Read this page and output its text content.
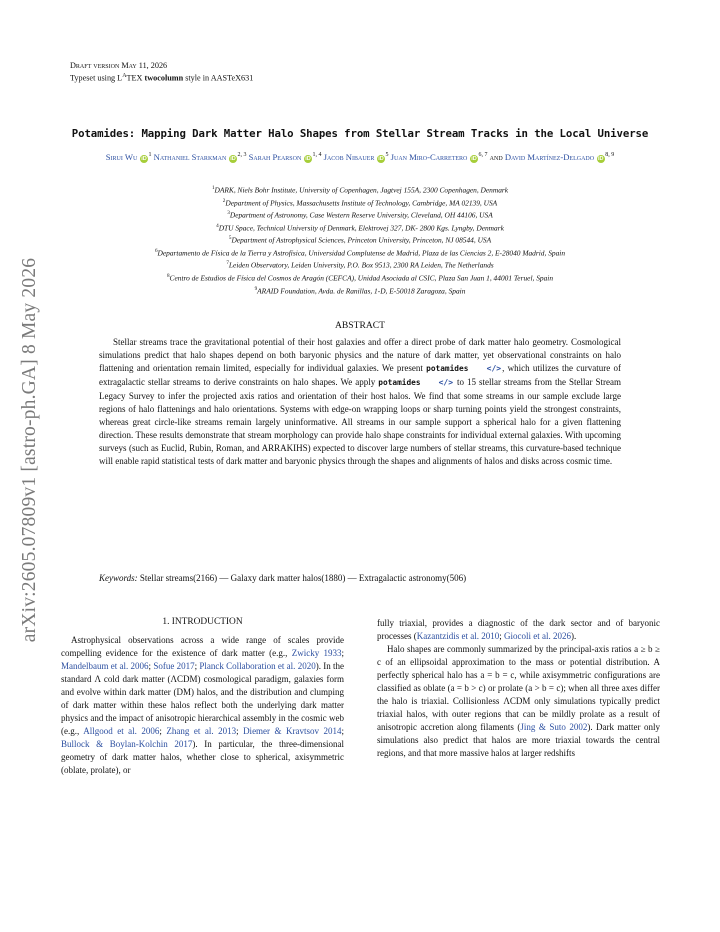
arXiv:2605.07809v1 [astro-ph.GA] 8 May 2026
Draft version May 11, 2026
Typeset using $L^ATEX$ twocolumn style in AASTeX631
Potamides: Mapping Dark Matter Halo Shapes from Stellar Stream Tracks in the Local Universe
Sirui Wu $iD^1$ Nathaniel Starkman iD$^{2, 3}$ Sarah Pearson iD$^{1, 4}$ Jacob Nibauer $iD^5$ Juan Miro-Carretero iD$^{6, 7}$ and David Martínez-Delgado iD$^{8, 9}$
$^1$DARK, Niels Bohr Institute, University of Copenhagen, Jagtvej 155A, 2300 Copenhagen, Denmark
$^2$Department of Physics, Massachusetts Institute of Technology, Cambridge, MA 02139, USA
$^3$Department of Astronomy, Case Western Reserve University, Cleveland, OH 44106, USA
$^4$DTU Space, Technical University of Denmark, Elektrovej 327, DK- 2800 Kgs. Lyngby, Denmark
$^5$Department of Astrophysical Sciences, Princeton University, Princeton, NJ 08544, USA
$^6$Departamento de Física de la Tierra y Astrofísica, Universidad Complutense de Madrid, Plaza de las Ciencias 2, E-28040 Madrid, Spain
$^7$Leiden Observatory, Leiden University, P.O. Box 9513, 2300 RA Leiden, The Netherlands
$^8$Centro de Estudios de Física del Cosmos de Aragón (CEFCA), Unidad Asociada al CSIC, Plaza San Juan 1, 44001 Teruel, Spain
$^9$ARAID Foundation, Avda. de Ranillas, 1-D, E-50018 Zaragoza, Spain
ABSTRACT
Stellar streams trace the gravitational potential of their host galaxies and offer a direct probe of dark matter halo geometry. Cosmological simulations predict that halo shapes depend on both baryonic physics and the nature of dark matter, yet observational constraints on halo flattening and orientation remain limited, especially for individual galaxies. We present potamides </>, which utilizes the curvature of extragalactic stellar streams to derive constraints on halo shapes. We apply potamides </> to 15 stellar streams from the Stellar Stream Legacy Survey to infer the projected axis ratios and orientation of their host halos. We find that some streams in our sample exclude large regions of halo flattenings and halo orientations. Systems with edge-on wrapping loops or sharp turning points yield the strongest constraints, whereas great circle-like streams remain largely uninformative. All streams in our sample support a spherical halo for a given flattening direction. These results demonstrate that stream morphology can provide halo shape constraints for individual external galaxies. With upcoming surveys (such as Euclid, Rubin, Roman, and ARRAKIHS) expected to discover large numbers of stellar streams, this curvature-based technique will enable rapid statistical tests of dark matter and baryonic physics through the shapes and alignments of halos and disks across cosmic time.
Keywords: Stellar streams(2166) — Galaxy dark matter halos(1880) — Extragalactic astronomy(506)
1. INTRODUCTION

Astrophysical observations across a wide range of scales provide compelling evidence for the existence of dark matter (e.g., Zwicky 1933; Mandelbaum et al. 2006; Sofue 2017; Planck Collaboration et al. 2020). In the standard Λ cold dark matter (ΛCDM) cosmological paradigm, galaxies form and evolve within dark matter (DM) halos, and the distribution and clumping of dark matter within these halos reflect both the underlying dark matter physics and the impact of anisotropic hierarchical assembly in the cosmic web (e.g., Allgood et al. 2006; Zhang et al. 2013; Diemer & Kravtsov 2014; Bullock & Boylan-Kolchin 2017). In particular, the three-dimensional geometry of dark matter halos, whether close to spherical, axisymmetric (oblate, prolate), or

fully triaxial, provides a diagnostic of the dark sector and of baryonic processes (Kazantzidis et al. 2010; Giocoli et al. 2026).

Halo shapes are commonly summarized by the principal-axis ratios a ≥ b ≥ c of an ellipsoidal approximation to the mass or potential distribution. A perfectly spherical halo has a = b = c, while axisymmetric configurations are classified as oblate (a = b > c) or prolate (a > b = c); when all three axes differ the halo is triaxial. Collisionless ΛCDM only simulations typically predict triaxial halos, with outer regions that can be mildly prolate as a result of anisotropic accretion along filaments (Jing & Suto 2002). Dark matter only simulations also predict that halos are more triaxial towards the central regions, and that more massive halos at larger redshifts
